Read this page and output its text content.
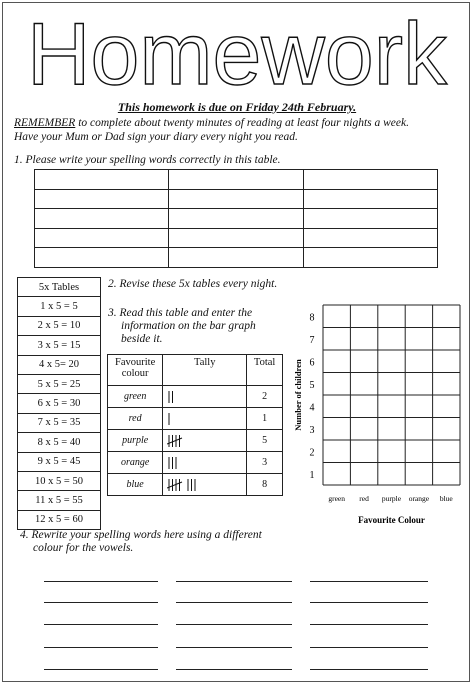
Homework
This homework is due on Friday 24th February.
REMEMBER to complete about twenty minutes of reading at least four nights a week.
Have your Mum or Dad sign your diary every night you read.
1. Please write your spelling words correctly in this table.

5x Tables
1 x 5 = 5
2 x 5 = 10
3 x 5 = 15
4 x 5= 20
5 x 5 = 25
6 x 5 = 30
7 x 5 = 35
8 x 5 = 40
9 x 5 = 45
10 x 5 = 50
11 x 5 = 55
12 x 5 = 60
2. Revise these 5x tables every night.
3. Read this table and enter the
information on the bar graph
beside it.
Favourite
colour	Tally	Total
green		2
red		1
purple		5
orange		3
blue		8
1
2
3
4
5
6
7
8
green red purple orange blue
Number of children
Favourite Colour
4. Rewrite your spelling words here using a different
colour for the vowels.
